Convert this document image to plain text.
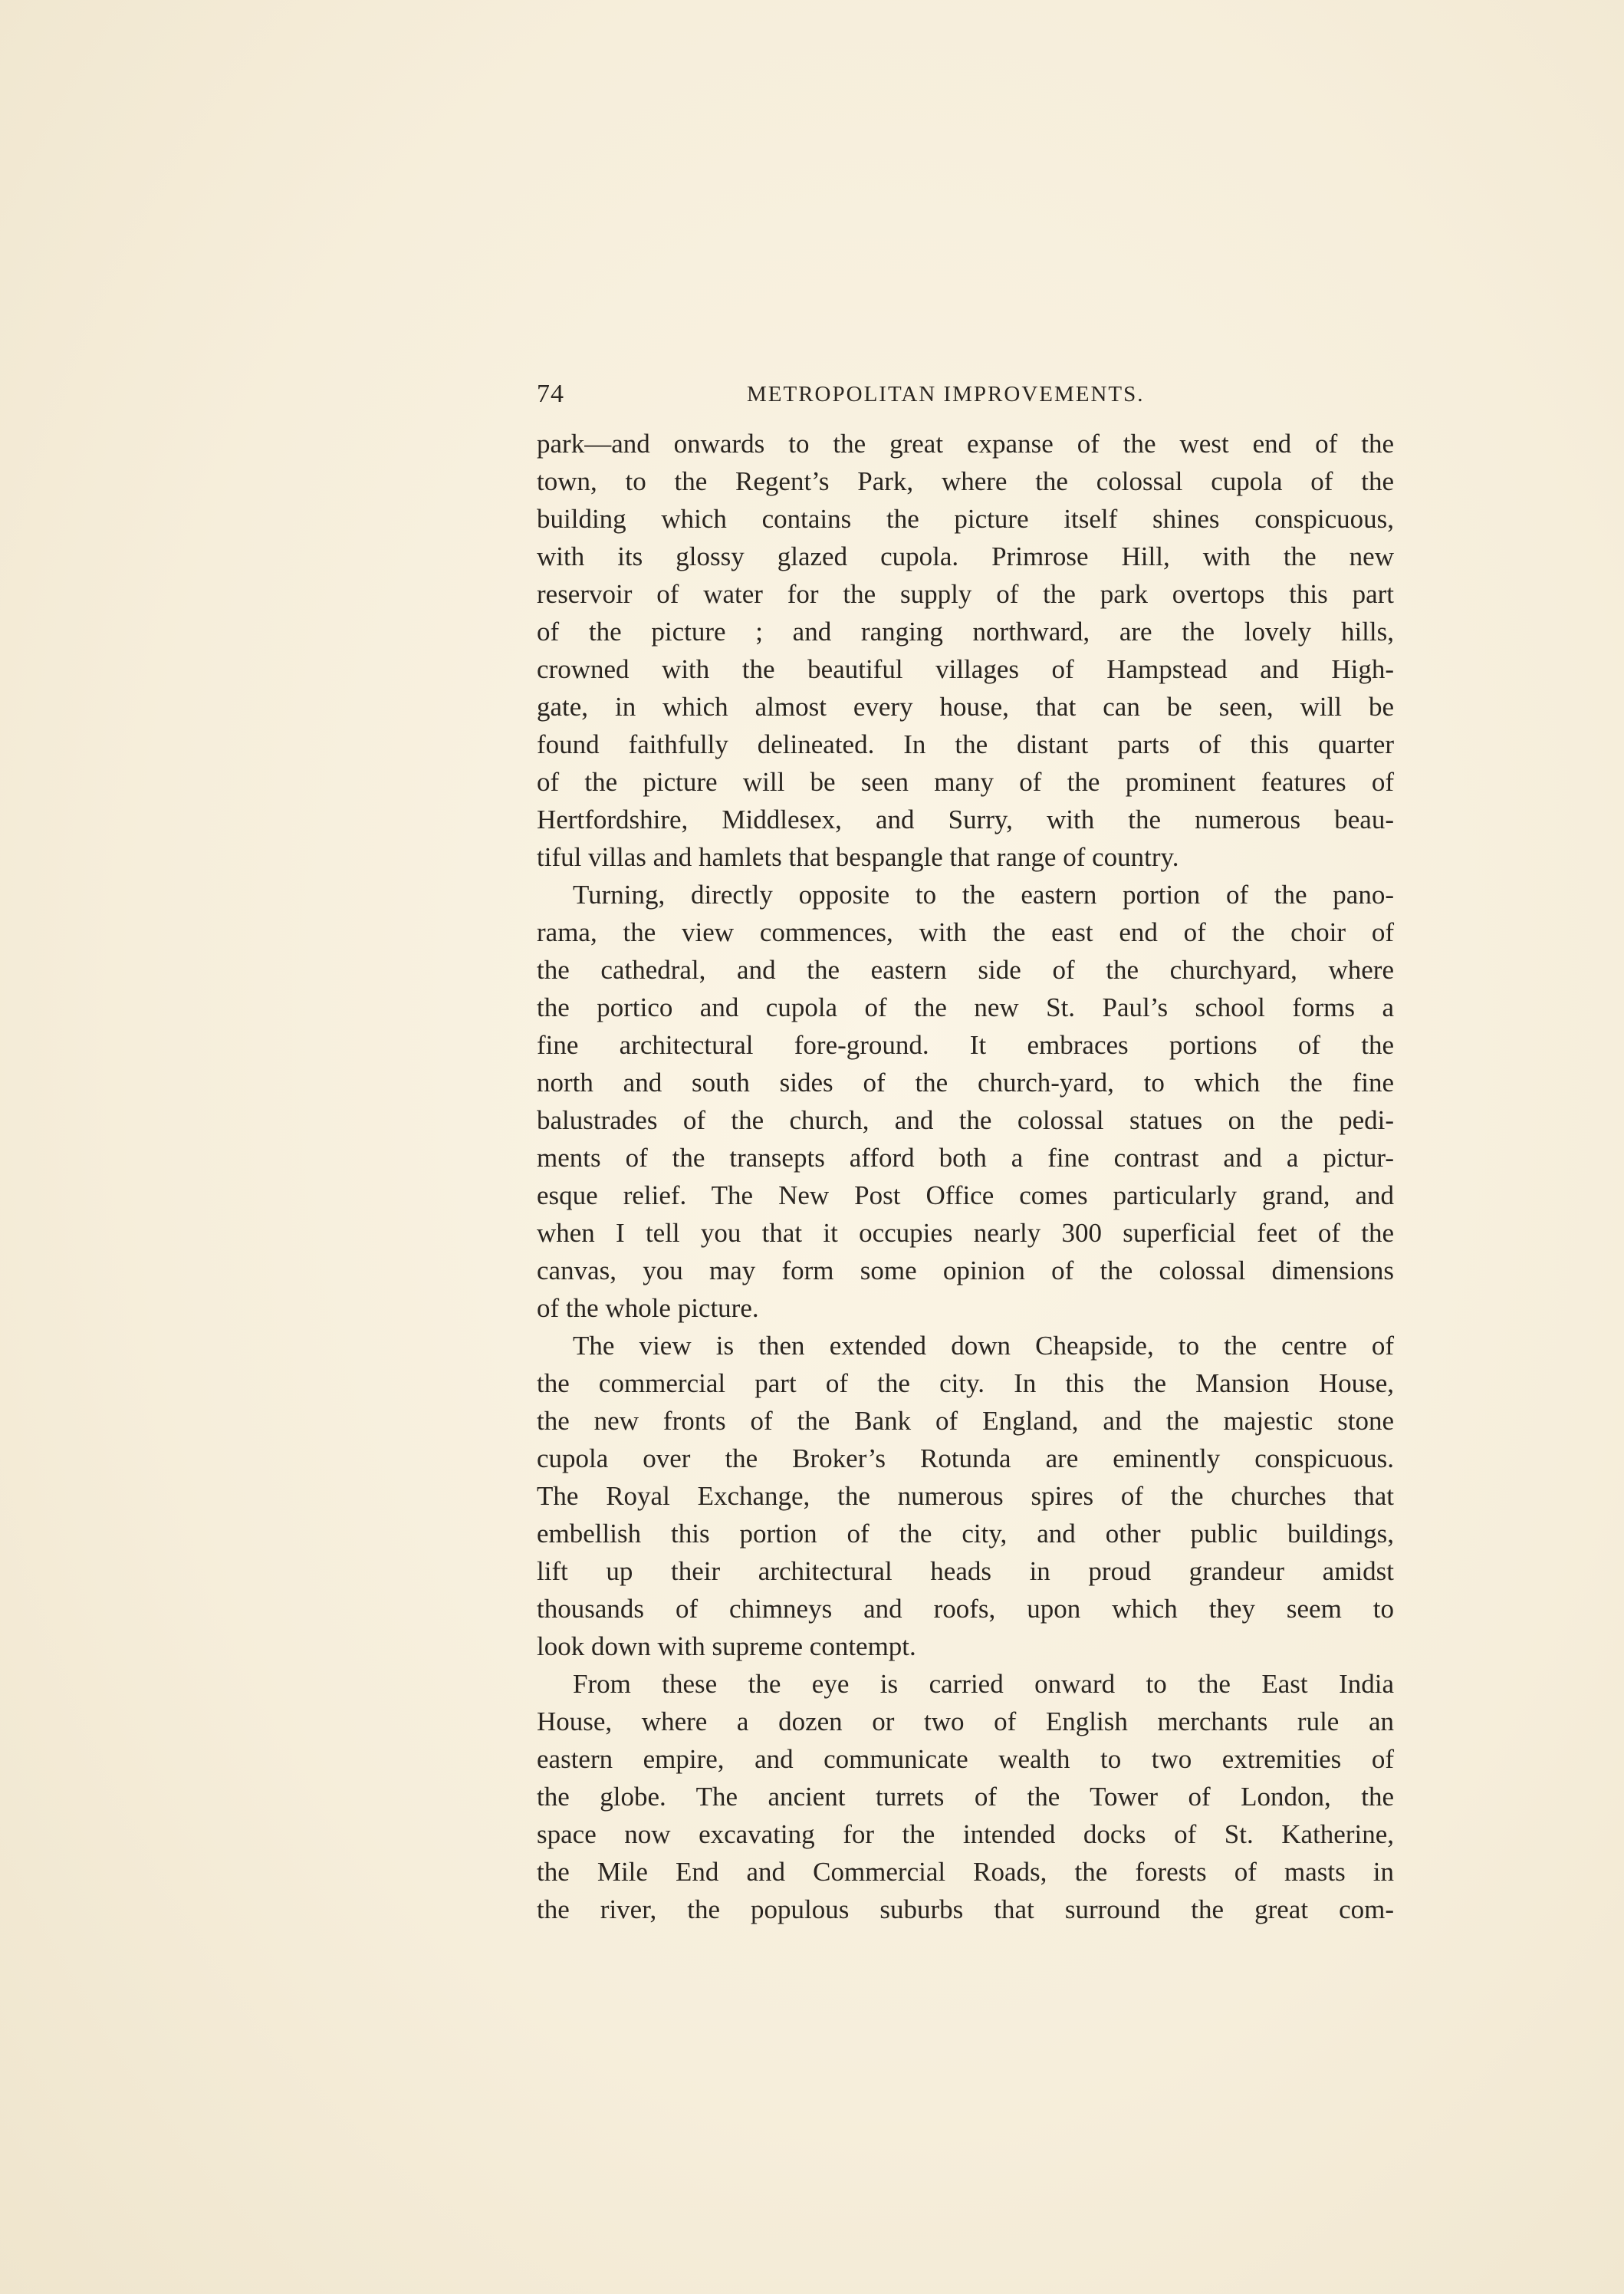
74	METROPOLITAN IMPROVEMENTS.
park—and onwards to the great expanse of the west end of the
town, to the Regent’s Park, where the colossal cupola of the
building which contains the picture itself shines conspicuous,
with its glossy glazed cupola. Primrose Hill, with the new
reservoir of water for the supply of the park overtops this part
of the picture ; and ranging northward, are the lovely hills,
crowned with the beautiful villages of Hampstead and High-
gate, in which almost every house, that can be seen, will be
found faithfully delineated. In the distant parts of this quarter
of the picture will be seen many of the prominent features of
Hertfordshire, Middlesex, and Surry, with the numerous beau-
tiful villas and hamlets that bespangle that range of country.
Turning, directly opposite to the eastern portion of the pano-
rama, the view commences, with the east end of the choir of
the cathedral, and the eastern side of the churchyard, where
the portico and cupola of the new St. Paul’s school forms a
fine architectural fore-ground. It embraces portions of the
north and south sides of the church-yard, to which the fine
balustrades of the church, and the colossal statues on the pedi-
ments of the transepts afford both a fine contrast and a pictur-
esque relief. The New Post Office comes particularly grand, and
when I tell you that it occupies nearly 300 superficial feet of the
canvas, you may form some opinion of the colossal dimensions
of the whole picture.
The view is then extended down Cheapside, to the centre of
the commercial part of the city. In this the Mansion House,
the new fronts of the Bank of England, and the majestic stone
cupola over the Broker’s Rotunda are eminently conspicuous.
The Royal Exchange, the numerous spires of the churches that
embellish this portion of the city, and other public buildings,
lift up their architectural heads in proud grandeur amidst
thousands of chimneys and roofs, upon which they seem to
look down with supreme contempt.
From these the eye is carried onward to the East India
House, where a dozen or two of English merchants rule an
eastern empire, and communicate wealth to two extremities of
the globe. The ancient turrets of the Tower of London, the
space now excavating for the intended docks of St. Katherine,
the Mile End and Commercial Roads, the forests of masts in
the river, the populous suburbs that surround the great com-
